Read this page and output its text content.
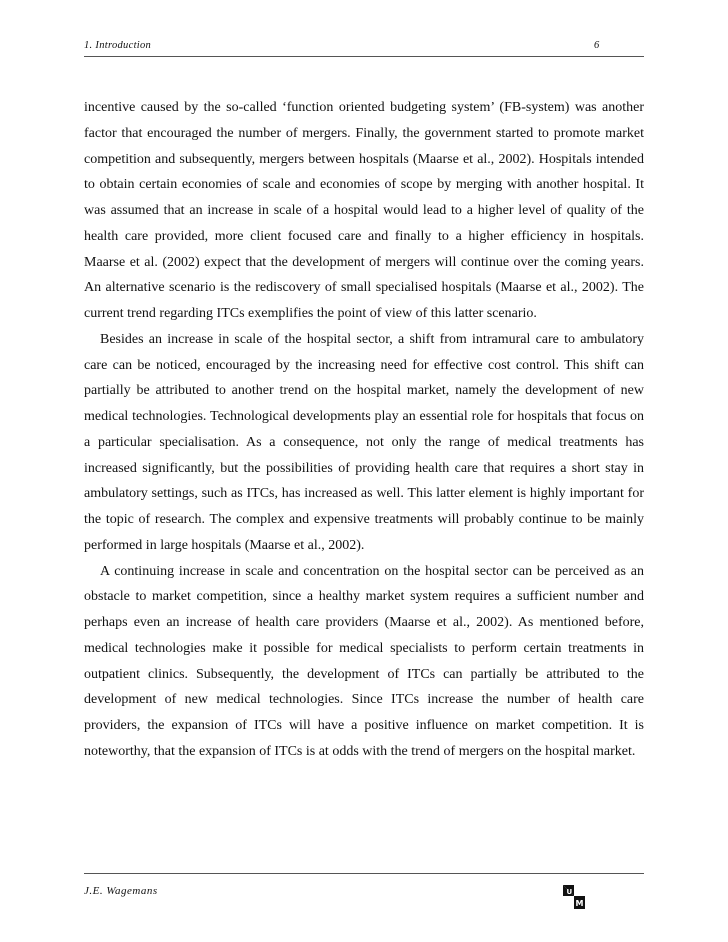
1. Introduction	6

incentive caused by the so-called ‘function oriented budgeting system’ (FB-system) was another factor that encouraged the number of mergers. Finally, the government started to promote market competition and subsequently, mergers between hospitals (Maarse et al., 2002). Hospitals intended to obtain certain economies of scale and economies of scope by merging with another hospital. It was assumed that an increase in scale of a hospital would lead to a higher level of quality of the health care provided, more client focused care and finally to a higher efficiency in hospitals. Maarse et al. (2002) expect that the development of mergers will continue over the coming years. An alternative scenario is the rediscovery of small specialised hospitals (Maarse et al., 2002). The current trend regarding ITCs exemplifies the point of view of this latter scenario.

Besides an increase in scale of the hospital sector, a shift from intramural care to ambulatory care can be noticed, encouraged by the increasing need for effective cost control. This shift can partially be attributed to another trend on the hospital market, namely the development of new medical technologies. Technological developments play an essential role for hospitals that focus on a particular specialisation. As a consequence, not only the range of medical treatments has increased significantly, but the possibilities of providing health care that requires a short stay in ambulatory settings, such as ITCs, has increased as well. This latter element is highly important for the topic of research. The complex and expensive treatments will probably continue to be mainly performed in large hospitals (Maarse et al., 2002).

A continuing increase in scale and concentration on the hospital sector can be perceived as an obstacle to market competition, since a healthy market system requires a sufficient number and perhaps even an increase of health care providers (Maarse et al., 2002). As mentioned before, medical technologies make it possible for medical specialists to perform certain treatments in outpatient clinics. Subsequently, the development of ITCs can partially be attributed to the development of new medical technologies. Since ITCs increase the number of health care providers, the expansion of ITCs will have a positive influence on market competition. It is noteworthy, that the expansion of ITCs is at odds with the trend of mergers on the hospital market.

J.E. Wagemans	U
M
